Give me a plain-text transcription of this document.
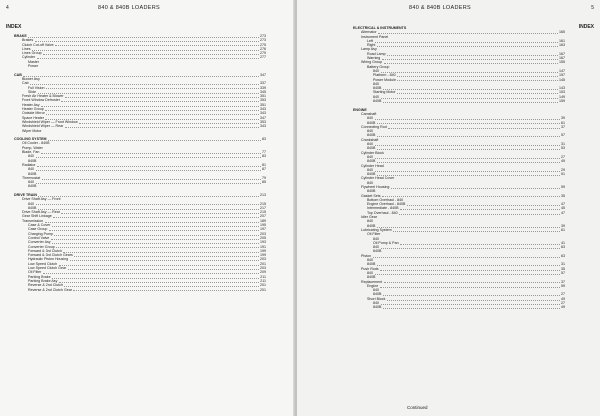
4	840 & 840B LOADERS
INDEX
BRAKE	273
Brakes	273
Clutch Cut-off Valve	275
Lines	276
Lines Group	279
Cylinder	277
Master
Power
CAB	347
Blower Asy
Cab	337
Full Vision	339
Slide	345
Fresh Air Heater & Blower	351
Front Window Defroster	353
Heater Asy	351
Heater Group	343
Outside Mirror	343
Space Heater	347
Windshield Wiper — Front Window	353
Windshield Wiper — Rear	343
Wiper Motor
COOLING SYSTEM	83
Oil Cooler - 840B
Pump, Water
Blade, Fan	77
840	83
840B
Radiator	81
840	87
840B
Thermostat	79
840	85
840B
DRIVE TRAIN	213
Drive Shaft Asy — Front
840	215
840B	217
Drive Shaft Asy — Rear	215
Gear Shift Linkage	207
Transmission	189
Case & Cover	195
Case Group	197
Charging Pump	203
Control Valve	205
Converter Asy	193
Converter Group	191
Forward & 3rd Clutch	199
Forward & 3rd Clutch Gears	199
Hydraulic Piston Housing	203
Low Speed Clutch	201
Low Speed Clutch Gear	203
Oil Filter	209
Parking Brake	211
Parking Brake Asy	211
Reverse & 2nd Clutch	201
Reverse & 2nd Clutch Gear	201
5
840 & 840B LOADERS
INDEX
ELECTRICAL & INSTRUMENTS
Alternator	165
Instrument Panel
Left	161
Right	163
Lamp Asy
Road Lamp	167
Warning	167
Wiring Group	155
Battery Group
840	147
Platform - 840	157
Power Module	145
840
840B	143
Starting Motor	153
840	149
840B	159
ENGINE
Camshaft
840	39
840B	61
Connecting Rod	37
840
840B	57
Crankshaft
840	31
840B	53
Cylinder Block
840	27
840B	49
Cylinder Head
840	29
840B	51
Cylinder Head Cover
840
Flywheel Housing	59
840B
Gasket Sets	35
Bottom Overhaul - 840
Engine Overhaul - 840B	47
Intermediate - 840B	45
Top Overhaul - 840	47
Idler Gear
840
840B	39
Lubricating System	61
Oil Filter
840
Oil Pump & Pan	41
840	63
840B
Piston	63
840
840B	31
Push Rods	35
840	57
840B
Replacement	37
Engine	59
840
840B	27
Short Block	49
840	27
840B	49
Continued
